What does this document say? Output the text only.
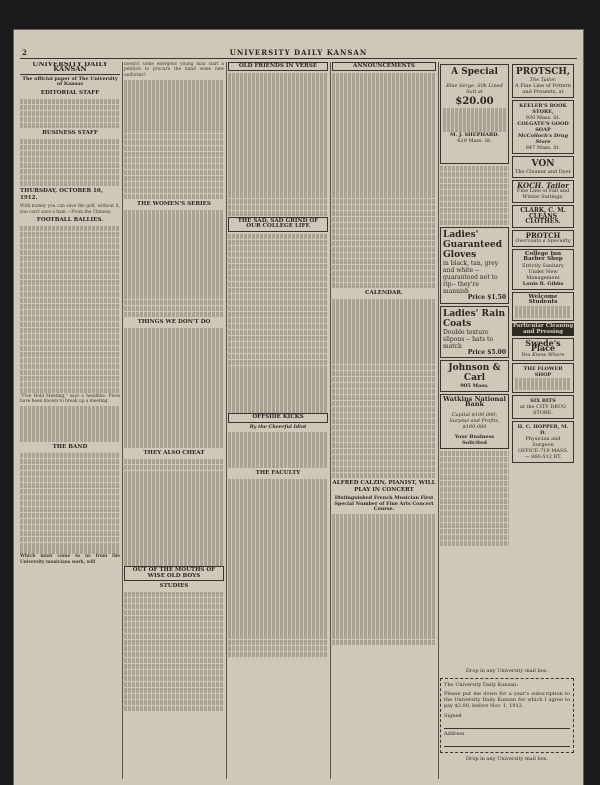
2	UNIVERSITY DAILY KANSAN
UNIVERSITY DAILY KANSAN
The official paper of The University of Kansas
EDITORIAL STAFF
BUSINESS STAFF
THURSDAY, OCTOBER 10, 1912.
With money you can save the golf, without it, you can't save a ham.—From the Chinese.
FOOTBALL RALLIES.
"Five Hold Meeting," says a headline. Fives have been known to break up a meeting.
THE BAND
Which must come to us from the University musicians work, will
doesn't some energetic young man start a petition to procure the band some new uniforms?
THE WOMEN'S SERIES
THINGS WE DON'T DO
THEY ALSO CHEAT
OUT OF THE MOUTHS OF WISE OLD BOYS
STUDIES
OLD FRIENDS IN VERSE
THE SAD, SAD GRIND OF OUR COLLEGE LIFE
OFFSIDE KICKS
By the Cheerful Idiot
THE FACULTY
ANNOUNCEMENTS
CALENDAR.
ALFRED CALZIN, PIANIST, WILL PLAY IN CONCERT
Distinguished French Musician First Special Number of Fine Arts Concert Course.
A Special
Blue Serge, Silk Lined Suit at
$20.00
M. J. SHEPHARD.
629 Mass. St.
Ladies' Guaranteed Gloves
in black, tan, grey and white -- guaranteed not to rip-- they're mannish
Price $1.50
Ladies' Rain Coats
Double texture slipons -- hats to match
Price $5.00
Johnson & Carl
905 Mass.
Watkins National Bank
Capital $100,000; Surplus and Profits, $100,000
Your Business Solicited
PROTSCH,
The Tailor.
A Fine Line of Pottern and Presents, at
KEELER'S BOOK STORE,
930 Mass. St.
COLGATE'S GOOD SOAP
McColloch's Drug Store
847 Mass. St.
VON
The Cleaner and Dyer
KOCH. Tailor
Fine Line of Fall and Winter Suitings.
CLARK, C. M. CLEANS CLOTHES.
PROTCH
Overcoats a Specialty
College Inn Barber Shop
Strictly Sanitary
Under New Management
Louis R. Gibbs
Welcome Students
Particular Cleaning and Pressing
Swede's Place
You Know Where
THE FLOWER SHOP
SIX BITS
at the CITY DRUG STORE.
H. C. HOPPER, M. D.
Physician and Surgeon
OFFICE-719 MASS. — 860-512 RT.
Drop in any University mail box.
The University Daily Kansan:
Please put me down for a year's subscription to the University Daily Kansan for which I agree to pay $2.00, before Nov. 1, 1912.
Signed
Address
Drop in any University mail box.
